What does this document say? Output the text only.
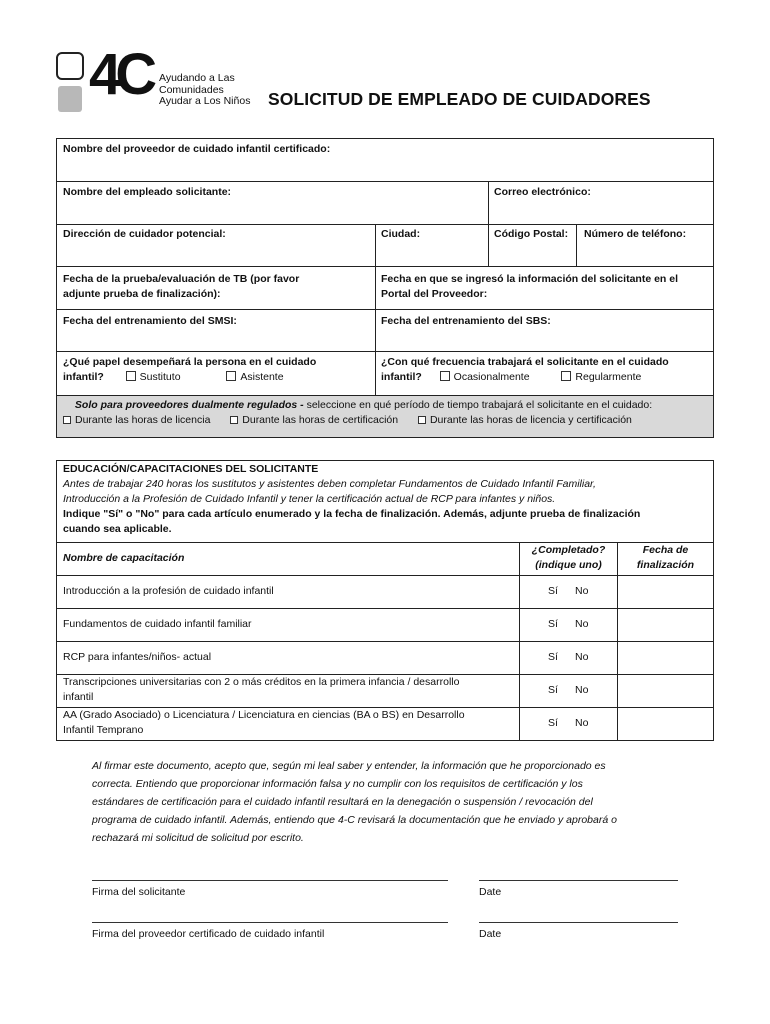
4C Ayudando a Las
Comunidades
Ayudar a Los Niños SOLICITUD DE EMPLEADO DE CUIDADORES
Nombre del proveedor de cuidado infantil certificado:
Nombre del empleado solicitante:	Correo electrónico:
Dirección de cuidador potencial:	Ciudad:	Código Postal: Número de teléfono:
Fecha de la prueba/evaluación de TB (por favor
adjunte prueba de finalización):
Fecha en que se ingresó la información del solicitante en el
Portal del Proveedor:
Fecha del entrenamiento del SMSI:	Fecha del entrenamiento del SBS:
¿Qué papel desempeñará la persona en el cuidado
infantil?	Sustituto	Asistente
¿Con qué frecuencia trabajará el solicitante en el cuidado
infantil?	Ocasionalmente	Regularmente
Solo para proveedores dualmente regulados - seleccione en qué período de tiempo trabajará el solicitante en el cuidado:
Durante las horas de licencia	Durante las horas de certificación	Durante las horas de licencia y certificación
EDUCACIÓN/CAPACITACIONES DEL SOLICITANTE
Antes de trabajar 240 horas los sustitutos y asistentes deben completar Fundamentos de Cuidado Infantil Familiar,
Introducción a la Profesión de Cuidado Infantil y tener la certificación actual de RCP para infantes y niños.
Indique "Sí" o "No" para cada artículo enumerado y la fecha de finalización. Además, adjunte prueba de finalización
cuando sea aplicable.
Nombre de capacitación
¿Completado?
(indique uno)
Fecha de
finalización
Introducción a la profesión de cuidado infantil	Sí No
Fundamentos de cuidado infantil familiar	Sí No
RCP para infantes/niños- actual	Sí No
Transcripciones universitarias con 2 o más créditos en la primera infancia / desarrollo
infantil
Sí No
AA (Grado Asociado) o Licenciatura / Licenciatura en ciencias (BA o BS) en Desarrollo
Infantil Temprano
Sí No
Al firmar este documento, acepto que, según mi leal saber y entender, la información que he proporcionado es
correcta. Entiendo que proporcionar información falsa y no cumplir con los requisitos de certificación y los
estándares de certificación para el cuidado infantil resultará en la denegación o suspensión / revocación del
programa de cuidado infantil. Además, entiendo que 4-C revisará la documentación que he enviado y aprobará o
rechazará mi solicitud de solicitud por escrito.
Firma del solicitante	Date
Firma del proveedor certificado de cuidado infantil	Date
